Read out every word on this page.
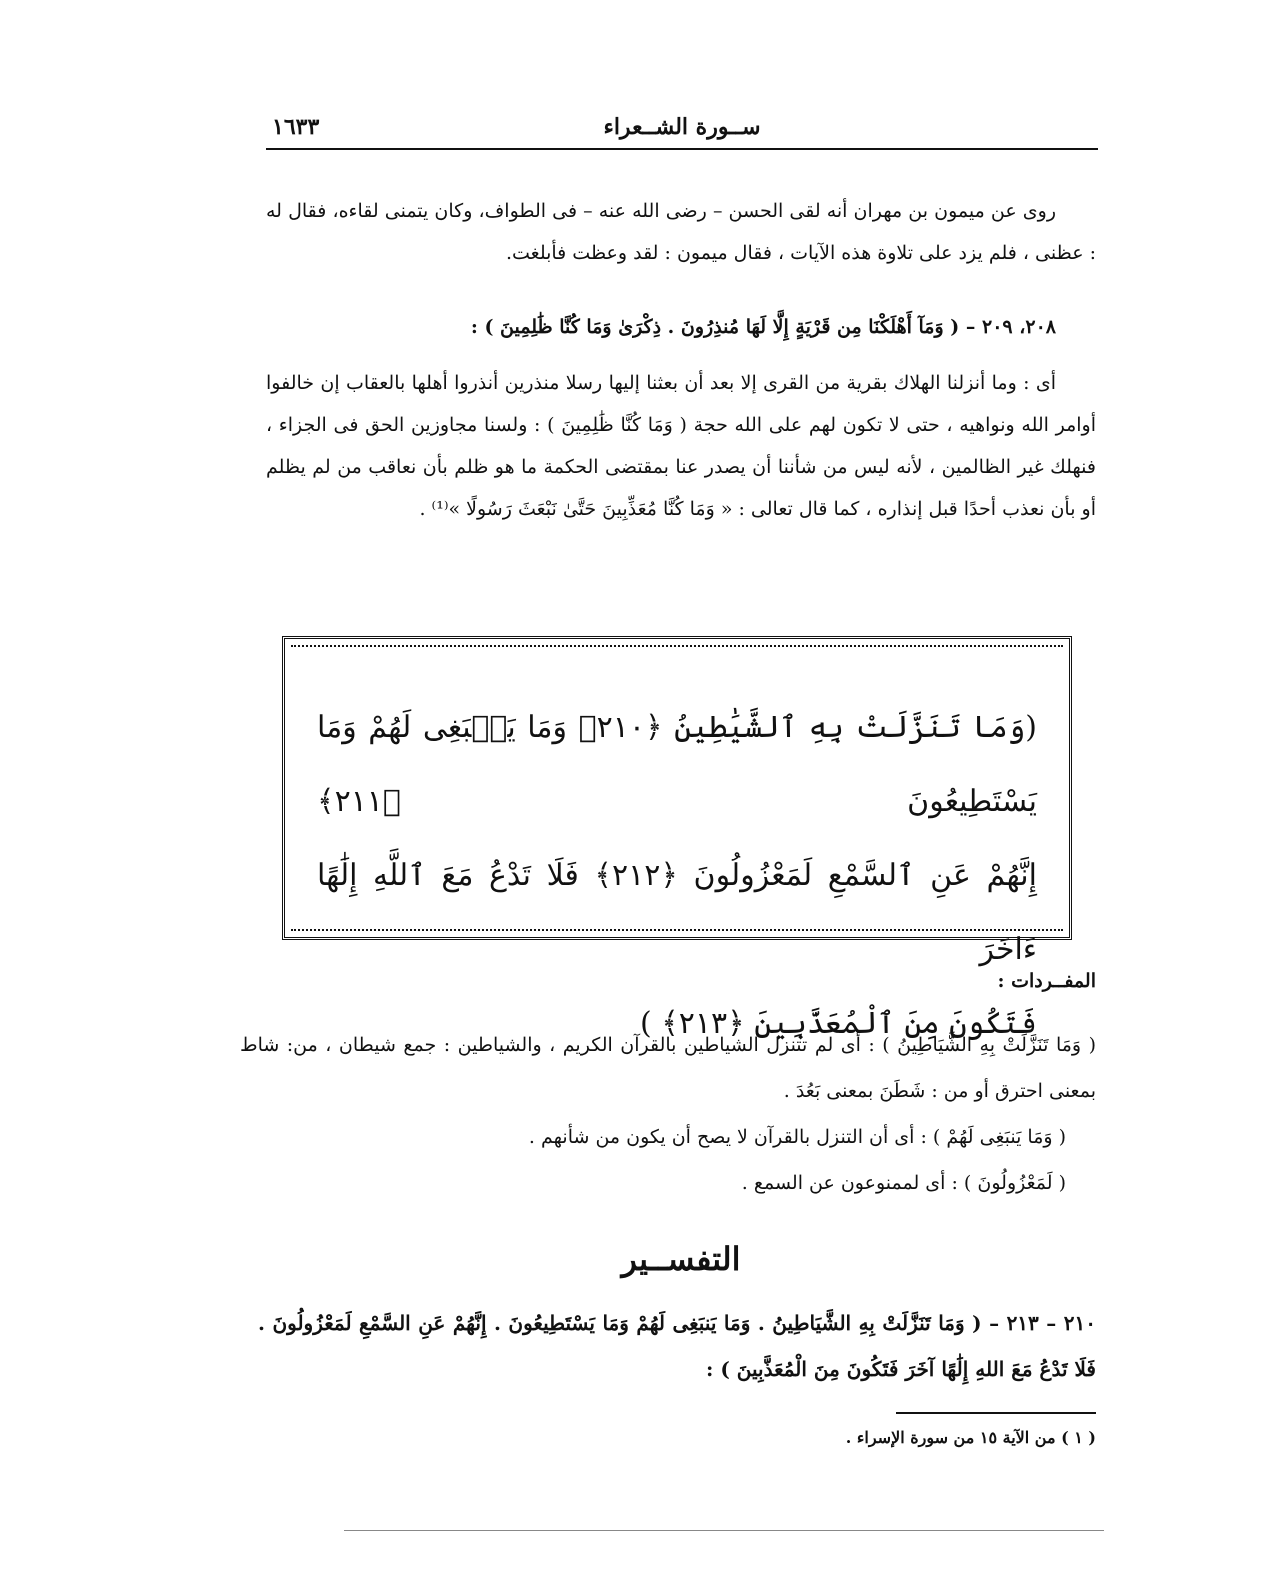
ســورة الشــعراء
١٦٣٣
روى عن ميمون بن مهران أنه لقى الحسن – رضى الله عنه – فى الطواف، وكان يتمنى لقاءه، فقال له : عظنى ، فلم يزد على تلاوة هذه الآيات ، فقال ميمون : لقد وعظت فأبلغت.
٢٠٨، ٢٠٩ – ( وَمَآ أَهْلَكْنَا مِن قَرْيَةٍ إِلَّا لَهَا مُنذِرُونَ . ذِكْرَىٰ وَمَا كُنَّا ظَٰلِمِينَ ) :
أى : وما أنزلنا الهلاك بقرية من القرى إلا بعد أن بعثنا إليها رسلا منذرين أنذروا أهلها بالعقاب إن خالفوا أوامر الله ونواهيه ، حتى لا تكون لهم على الله حجة ( وَمَا كُنَّا ظَٰلِمِينَ ) : ولسنا مجاوزين الحق فى الجزاء ، فنهلك غير الظالمين ، لأنه ليس من شأننا أن يصدر عنا بمقتضى الحكمة ما هو ظلم بأن نعاقب من لم يظلم أو بأن نعذب أحدًا قبل إنذاره ، كما قال تعالى : « وَمَا كُنَّا مُعَذِّبِينَ حَتَّىٰ نَبْعَثَ رَسُولًا »⁽¹⁾ .
(وَمَا تَنَزَّلَتْ بِهِ ٱلشَّيَٰطِينُ ﴿٢١٠﴾ وَمَا يَنۢبَغِى لَهُمْ وَمَا يَسْتَطِيعُونَ ﴿٢١١﴾
إِنَّهُمْ عَنِ ٱلسَّمْعِ لَمَعْزُولُونَ ﴿٢١٢﴾ فَلَا تَدْعُ مَعَ ٱللَّهِ إِلَٰهًا ءَاخَرَ
فَتَكُونَ مِنَ ٱلْمُعَذَّبِينَ ﴿٢١٣﴾ )
المفــردات :
( وَمَا تَنَزَّلَتْ بِهِ الشَّيَاطِينُ ) : أى لم تتنزل الشياطين بالقرآن الكريم ، والشياطين : جمع شيطان ، من: شاط بمعنى احترق أو من : شَطَنَ بمعنى بَعُدَ .
( وَمَا يَنبَغِى لَهُمْ ) : أى أن التنزل بالقرآن لا يصح أن يكون من شأنهم .
( لَمَعْزُولُونَ ) : أى لممنوعون عن السمع .
التفســير
٢١٠ – ٢١٣ – ( وَمَا تَنَزَّلَتْ بِهِ الشَّيَاطِينُ . وَمَا يَنبَغِى لَهُمْ وَمَا يَسْتَطِيعُونَ . إِنَّهُمْ عَنِ السَّمْعِ لَمَعْزُولُونَ . فَلَا تَدْعُ مَعَ اللهِ إِلَٰهًا آخَرَ فَتَكُونَ مِنَ الْمُعَذَّبِينَ ) :
( ١ ) من الآية ١٥ من سورة الإسراء .
